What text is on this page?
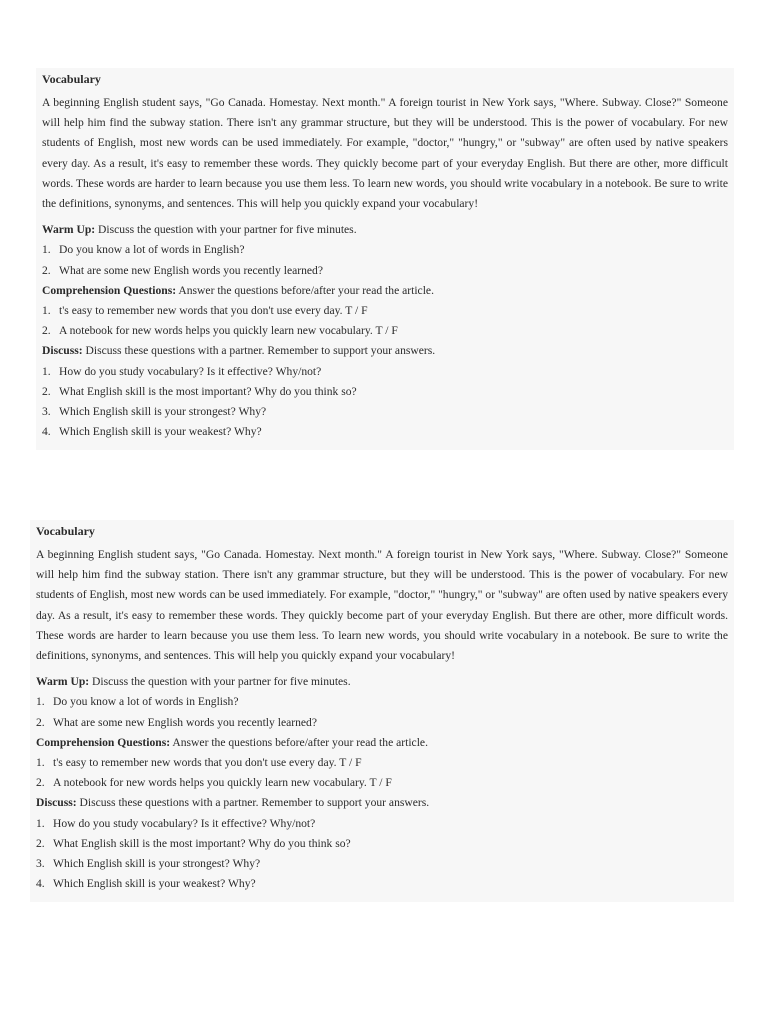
Vocabulary
A beginning English student says, "Go Canada. Homestay. Next month." A foreign tourist in New York says, "Where. Subway. Close?" Someone will help him find the subway station. There isn't any grammar structure, but they will be understood. This is the power of vocabulary. For new students of English, most new words can be used immediately. For example, "doctor," "hungry," or "subway" are often used by native speakers every day. As a result, it's easy to remember these words. They quickly become part of your everyday English. But there are other, more difficult words. These words are harder to learn because you use them less. To learn new words, you should write vocabulary in a notebook. Be sure to write the definitions, synonyms, and sentences. This will help you quickly expand your vocabulary!
Warm Up: Discuss the question with your partner for five minutes.
1. Do you know a lot of words in English?
2. What are some new English words you recently learned?
Comprehension Questions: Answer the questions before/after your read the article.
1. t's easy to remember new words that you don't use every day. T / F
2. A notebook for new words helps you quickly learn new vocabulary. T / F
Discuss: Discuss these questions with a partner. Remember to support your answers.
1. How do you study vocabulary? Is it effective? Why/not?
2. What English skill is the most important? Why do you think so?
3. Which English skill is your strongest? Why?
4. Which English skill is your weakest? Why?
Vocabulary
A beginning English student says, "Go Canada. Homestay. Next month." A foreign tourist in New York says, "Where. Subway. Close?" Someone will help him find the subway station. There isn't any grammar structure, but they will be understood. This is the power of vocabulary. For new students of English, most new words can be used immediately. For example, "doctor," "hungry," or "subway" are often used by native speakers every day. As a result, it's easy to remember these words. They quickly become part of your everyday English. But there are other, more difficult words. These words are harder to learn because you use them less. To learn new words, you should write vocabulary in a notebook. Be sure to write the definitions, synonyms, and sentences. This will help you quickly expand your vocabulary!
Warm Up: Discuss the question with your partner for five minutes.
1. Do you know a lot of words in English?
2. What are some new English words you recently learned?
Comprehension Questions: Answer the questions before/after your read the article.
1. t's easy to remember new words that you don't use every day. T / F
2. A notebook for new words helps you quickly learn new vocabulary. T / F
Discuss: Discuss these questions with a partner. Remember to support your answers.
1. How do you study vocabulary? Is it effective? Why/not?
2. What English skill is the most important? Why do you think so?
3. Which English skill is your strongest? Why?
4. Which English skill is your weakest? Why?
